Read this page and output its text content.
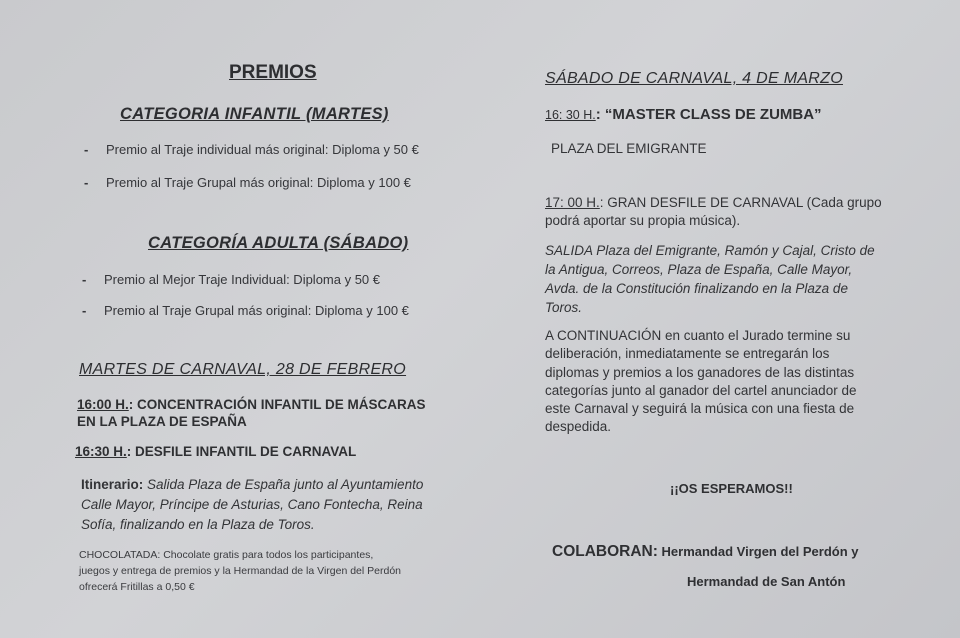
PREMIOS
CATEGORIA INFANTIL (MARTES)
- Premio al Traje individual más original: Diploma y 50 €
- Premio al Traje Grupal más original: Diploma y 100 €
CATEGORÍA ADULTA (SÁBADO)
- Premio al Mejor Traje Individual: Diploma y 50 €
- Premio al Traje Grupal más original: Diploma y 100 €
MARTES DE CARNAVAL, 28 DE FEBRERO
16:00 H.: CONCENTRACIÓN INFANTIL DE MÁSCARAS
EN LA PLAZA DE ESPAÑA
16:30 H.: DESFILE INFANTIL DE CARNAVAL
Itinerario: Salida Plaza de España junto al Ayuntamiento
Calle Mayor, Príncipe de Asturias, Cano Fontecha, Reina
Sofía, finalizando en la Plaza de Toros.
CHOCOLATADA: Chocolate gratis para todos los participantes,
juegos y entrega de premios y la Hermandad de la Virgen del Perdón
ofrecerá Fritillas a 0,50 €
SÁBADO DE CARNAVAL, 4 DE MARZO
16: 30 H.: “MASTER CLASS DE ZUMBA”
PLAZA DEL EMIGRANTE
17: 00 H.: GRAN DESFILE DE CARNAVAL (Cada grupo
podrá aportar su propia música).
SALIDA Plaza del Emigrante, Ramón y Cajal, Cristo de
la Antigua, Correos, Plaza de España, Calle Mayor,
Avda. de la Constitución finalizando en la Plaza de
Toros.
A CONTINUACIÓN en cuanto el Jurado termine su
deliberación, inmediatamente se entregarán los
diplomas y premios a los ganadores de las distintas
categorías junto al ganador del cartel anunciador de
este Carnaval y seguirá la música con una fiesta de
despedida.
¡¡OS ESPERAMOS!!
COLABORAN: Hermandad Virgen del Perdón y
Hermandad de San Antón
